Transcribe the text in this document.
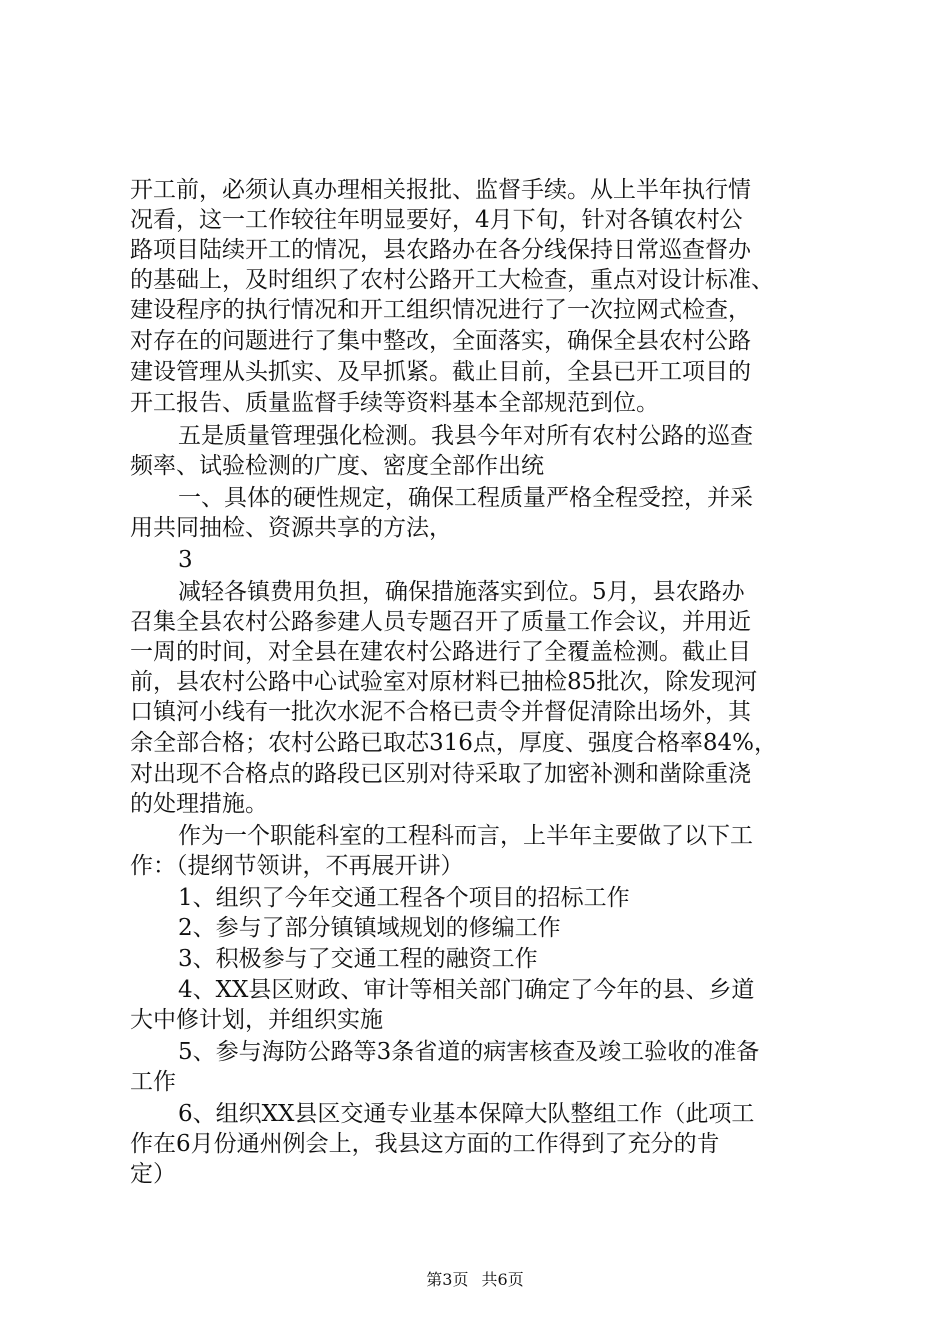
开工前，必须认真办理相关报批、监督手续。从上半年执行情
况看，这一工作较往年明显要好，4月下旬，针对各镇农村公
路项目陆续开工的情况，县农路办在各分线保持日常巡查督办
的基础上，及时组织了农村公路开工大检查，重点对设计标准、
建设程序的执行情况和开工组织情况进行了一次拉网式检查，
对存在的问题进行了集中整改，全面落实，确保全县农村公路
建设管理从头抓实、及早抓紧。截止目前，全县已开工项目的
开工报告、质量监督手续等资料基本全部规范到位。
五是质量管理强化检测。我县今年对所有农村公路的巡查
频率、试验检测的广度、密度全部作出统
一、具体的硬性规定，确保工程质量严格全程受控，并采
用共同抽检、资源共享的方法，
3
减轻各镇费用负担，确保措施落实到位。5月，县农路办
召集全县农村公路参建人员专题召开了质量工作会议，并用近
一周的时间，对全县在建农村公路进行了全覆盖检测。截止目
前，县农村公路中心试验室对原材料已抽检85批次，除发现河
口镇河小线有一批次水泥不合格已责令并督促清除出场外，其
余全部合格；农村公路已取芯316点，厚度、强度合格率84%，
对出现不合格点的路段已区别对待采取了加密补测和凿除重浇
的处理措施。
作为一个职能科室的工程科而言，上半年主要做了以下工
作：（提纲节领讲，不再展开讲）
1、组织了今年交通工程各个项目的招标工作
2、参与了部分镇镇域规划的修编工作
3、积极参与了交通工程的融资工作
4、XX县区财政、审计等相关部门确定了今年的县、乡道
大中修计划，并组织实施
5、参与海防公路等3条省道的病害核查及竣工验收的准备
工作
6、组织XX县区交通专业基本保障大队整组工作（此项工
作在6月份通州例会上，我县这方面的工作得到了充分的肯
定）
第3页 共6页
